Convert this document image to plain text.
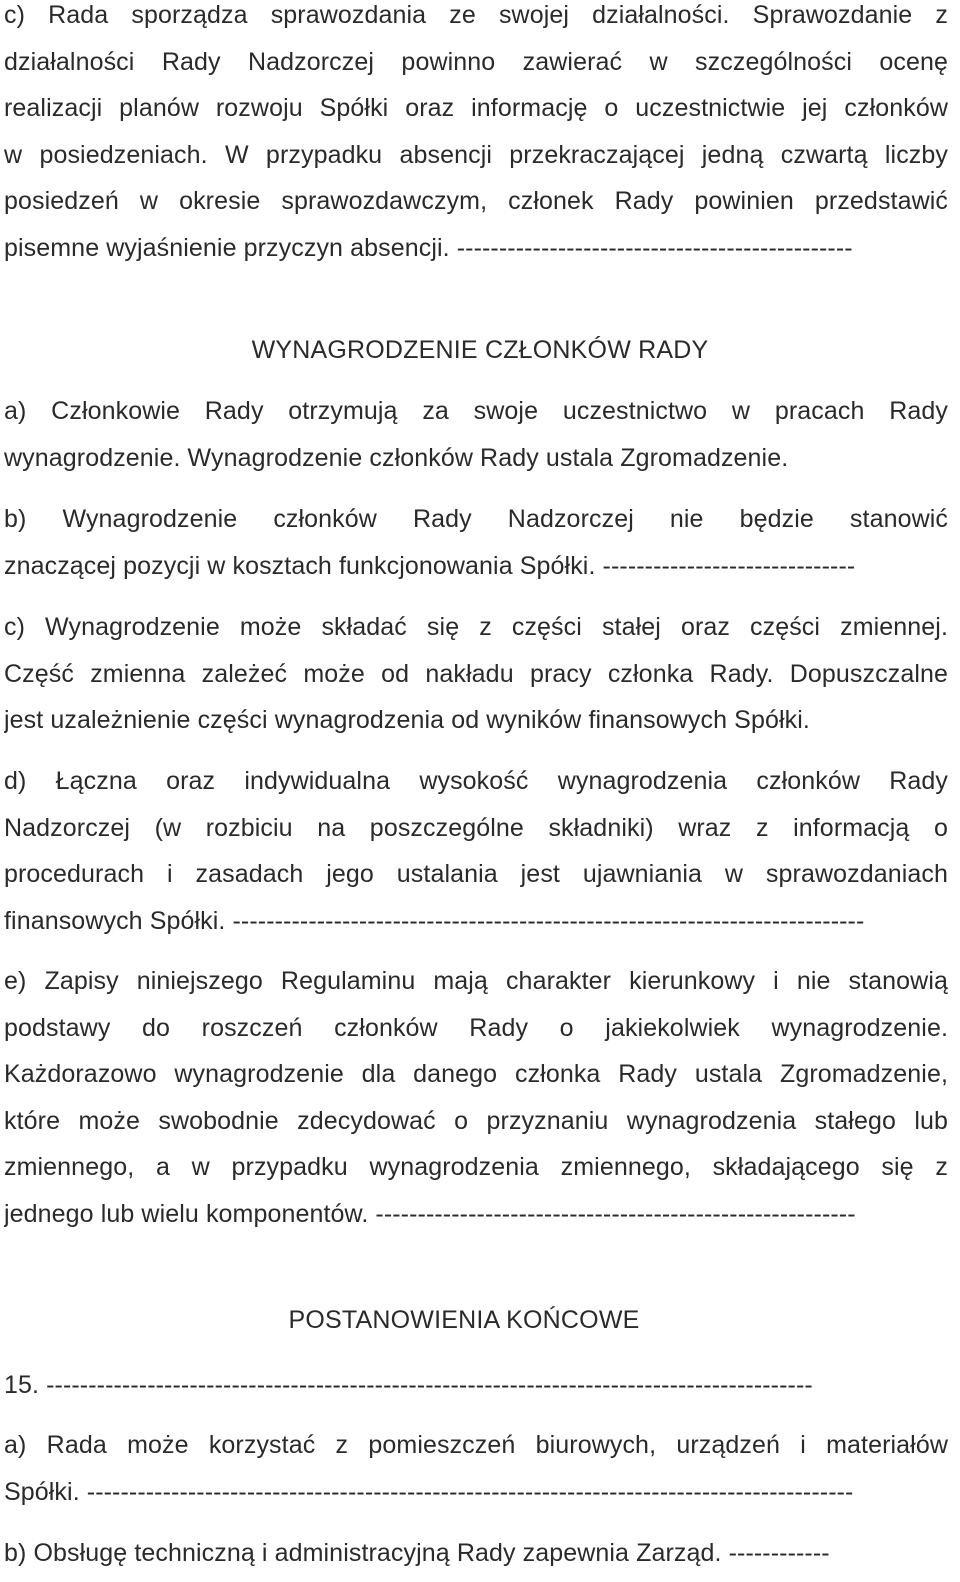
c) Rada sporządza sprawozdania ze swojej działalności. Sprawozdanie z
działalności Rady Nadzorczej powinno zawierać w szczególności ocenę
realizacji planów rozwoju Spółki oraz informację o uczestnictwie jej członków
w posiedzeniach. W przypadku absencji przekraczającej jedną czwartą liczby
posiedzeń w okresie sprawozdawczym, członek Rady powinien przedstawić
pisemne wyjaśnienie przyczyn absencji. -----------------------------------------------
WYNAGRODZENIE CZŁONKÓW RADY
a) Członkowie Rady otrzymują za swoje uczestnictwo w pracach Rady
wynagrodzenie. Wynagrodzenie członków Rady ustala Zgromadzenie.
b) Wynagrodzenie członków Rady Nadzorczej nie będzie stanowić
znaczącej pozycji w kosztach funkcjonowania Spółki. ------------------------------
c) Wynagrodzenie może składać się z części stałej oraz części zmiennej.
Część zmienna zależeć może od nakładu pracy członka Rady. Dopuszczalne
jest uzależnienie części wynagrodzenia od wyników finansowych Spółki.
d) Łączna oraz indywidualna wysokość wynagrodzenia członków Rady
Nadzorczej (w rozbiciu na poszczególne składniki) wraz z informacją o
procedurach i zasadach jego ustalania jest ujawniania w sprawozdaniach
finansowych Spółki. ---------------------------------------------------------------------------
e) Zapisy niniejszego Regulaminu mają charakter kierunkowy i nie stanowią
podstawy do roszczeń członków Rady o jakiekolwiek wynagrodzenie.
Każdorazowo wynagrodzenie dla danego członka Rady ustala Zgromadzenie,
które może swobodnie zdecydować o przyznaniu wynagrodzenia stałego lub
zmiennego, a w przypadku wynagrodzenia zmiennego, składającego się z
jednego lub wielu komponentów. ---------------------------------------------------------
POSTANOWIENIA KOŃCOWE
15. -------------------------------------------------------------------------------------------
a) Rada może korzystać z pomieszczeń biurowych, urządzeń i materiałów
Spółki. -------------------------------------------------------------------------------------------
b) Obsługę techniczną i administracyjną Rady zapewnia Zarząd. ------------
